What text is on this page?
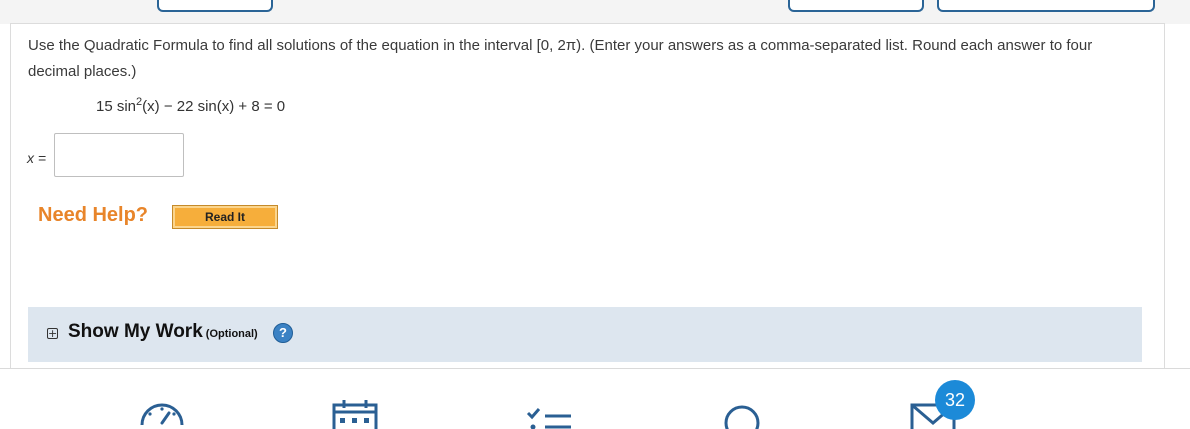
Use the Quadratic Formula to find all solutions of the equation in the interval [0, 2π). (Enter your answers as a comma-separated list. Round each answer to four decimal places.)
15 $\sin^2(x) - 22$ sin(x) + 8 = 0
x =
Need Help?	Read It
+ Show My Work (Optional)	?
32
